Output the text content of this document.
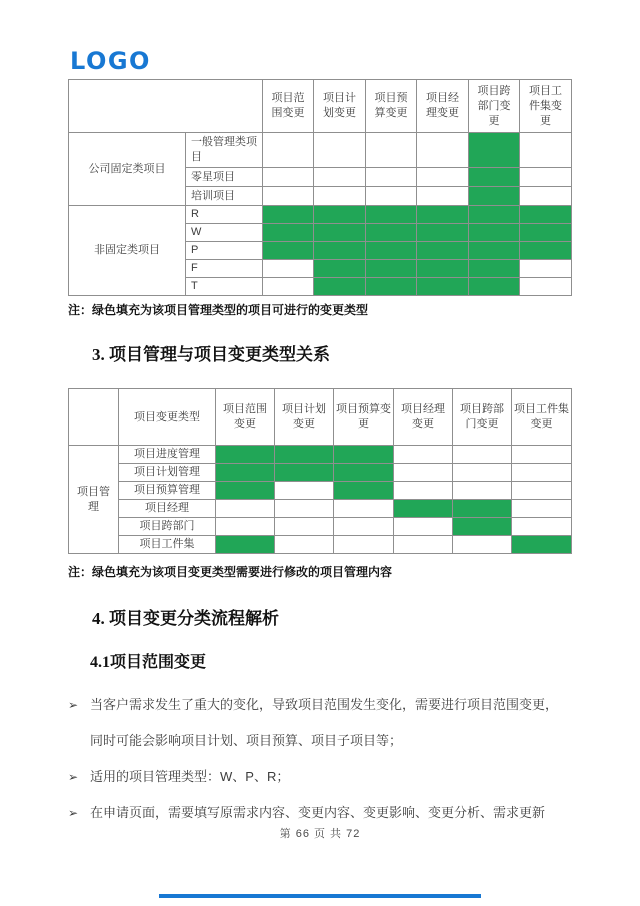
LOGO
		项目范围变更	项目计划变更	项目预算变更	项目经理变更	项目跨部门变更	项目工件集变更
公司固定类项目	一般管理类项目						
	零星项目						
	培训项目						
非固定类项目	R						
	W						
	P						
	F						
	T						
注：绿色填充为该项目管理类型的项目可进行的变更类型
3. 项目管理与项目变更类型关系
	项目变更类型	项目范围变更	项目计划变更	项目预算变更	项目经理变更	项目跨部门变更	项目工件集变更
项目管理	项目进度管理						
	项目计划管理						
	项目预算管理						
	项目经理						
	项目跨部门						
	项目工件集						
注：绿色填充为该项目变更类型需要进行修改的项目管理内容
4. 项目变更分类流程解析
4.1项目范围变更
➢ 当客户需求发生了重大的变化，导致项目范围发生变化，需要进行项目范围变更，
同时可能会影响项目计划、项目预算、项目子项目等；
➢ 适用的项目管理类型：W、P、R；
➢ 在申请页面，需要填写原需求内容、变更内容、变更影响、变更分析、需求更新
第 66 页 共 72
